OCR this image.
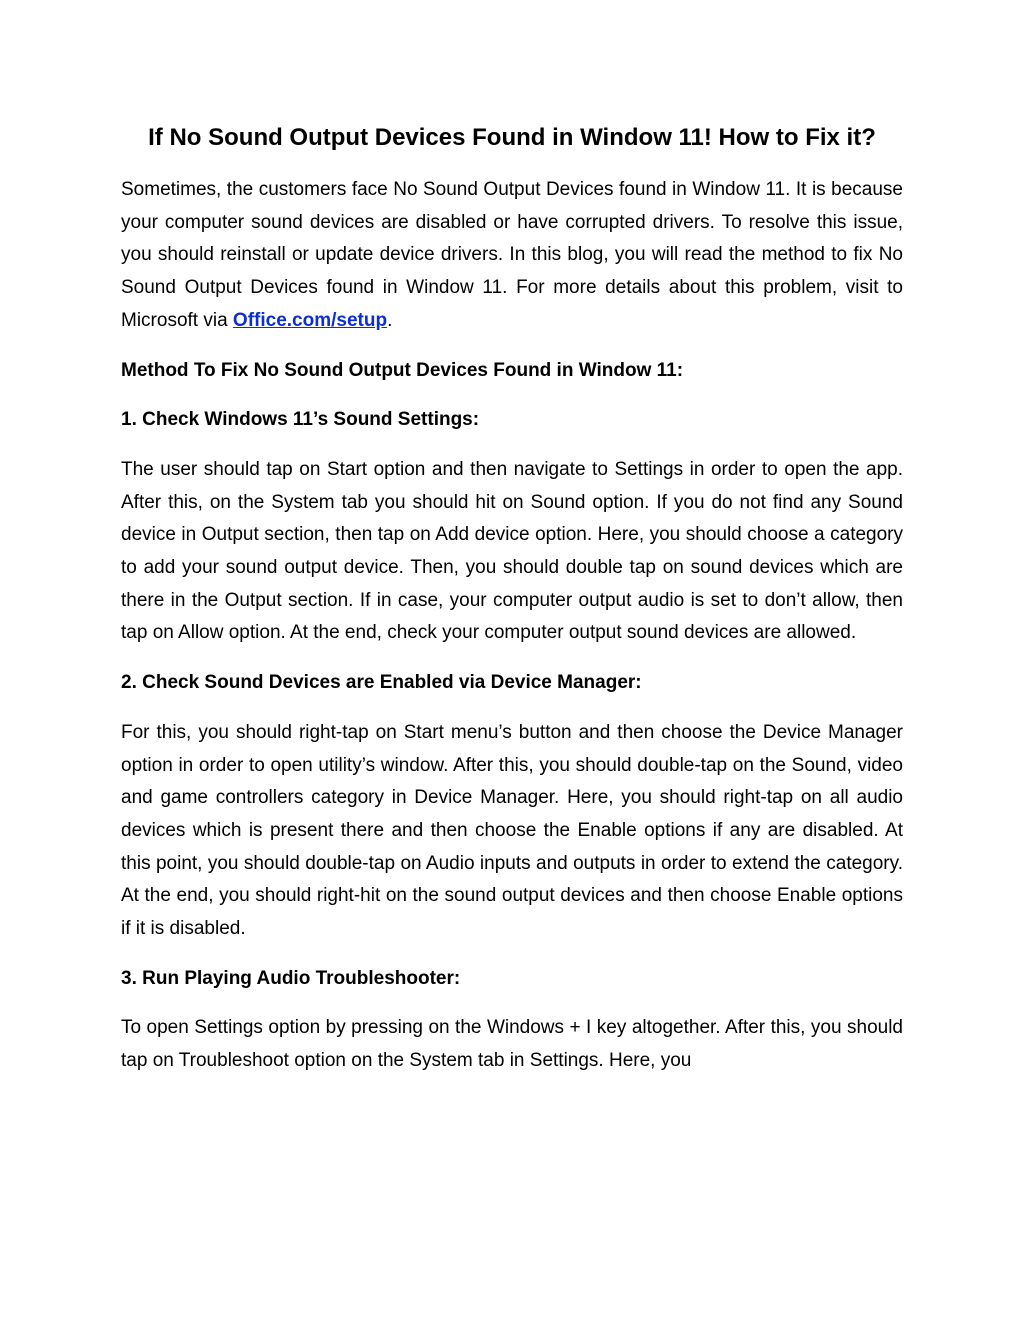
If No Sound Output Devices Found in Window 11! How to Fix it?

Sometimes, the customers face No Sound Output Devices found in Window 11. It is because your computer sound devices are disabled or have corrupted drivers. To resolve this issue, you should reinstall or update device drivers. In this blog, you will read the method to fix No Sound Output Devices found in Window 11. For more details about this problem, visit to Microsoft via Office.com/setup.

Method To Fix No Sound Output Devices Found in Window 11:
1. Check Windows 11’s Sound Settings:

The user should tap on Start option and then navigate to Settings in order to open the app. After this, on the System tab you should hit on Sound option. If you do not find any Sound device in Output section, then tap on Add device option. Here, you should choose a category to add your sound output device. Then, you should double tap on sound devices which are there in the Output section. If in case, your computer output audio is set to don’t allow, then tap on Allow option. At the end, check your computer output sound devices are allowed.

2. Check Sound Devices are Enabled via Device Manager:

For this, you should right-tap on Start menu’s button and then choose the Device Manager option in order to open utility’s window. After this, you should double-tap on the Sound, video and game controllers category in Device Manager. Here, you should right-tap on all audio devices which is present there and then choose the Enable options if any are disabled. At this point, you should double-tap on Audio inputs and outputs in order to extend the category. At the end, you should right-hit on the sound output devices and then choose Enable options if it is disabled.

3. Run Playing Audio Troubleshooter:

To open Settings option by pressing on the Windows + I key altogether. After this, you should tap on Troubleshoot option on the System tab in Settings. Here, you
